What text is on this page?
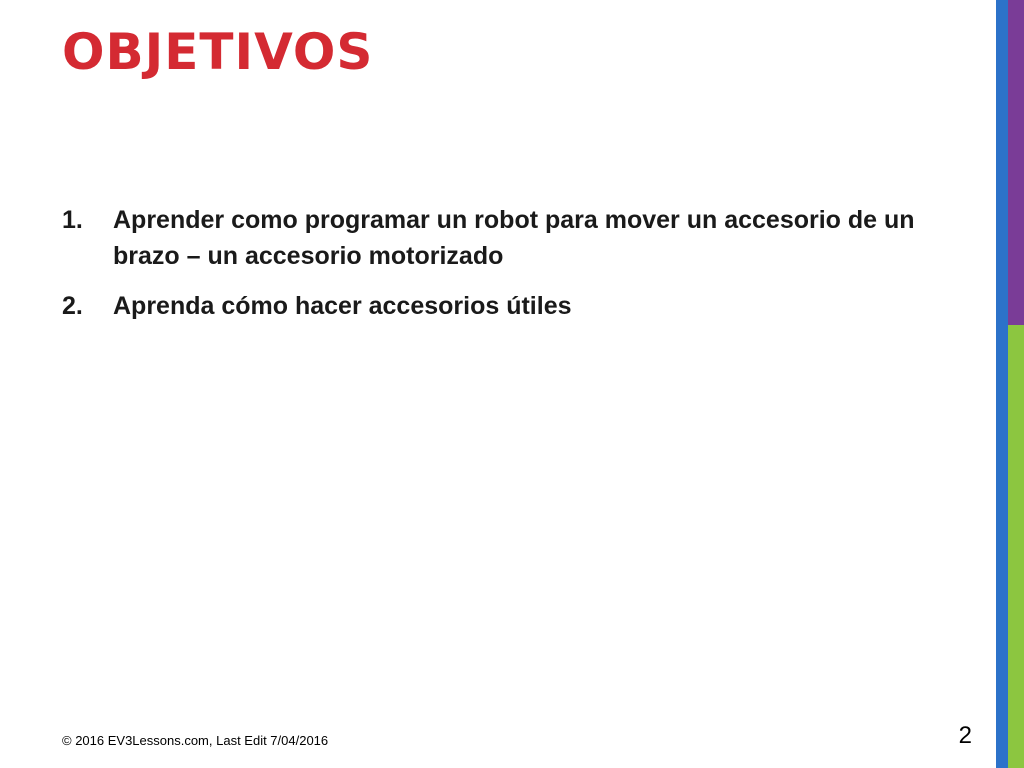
OBJETIVOS
1. Aprender como programar un robot para mover un accesorio de un brazo – un accesorio motorizado
2. Aprenda cómo hacer accesorios útiles
© 2016 EV3Lessons.com, Last Edit 7/04/2016	2
